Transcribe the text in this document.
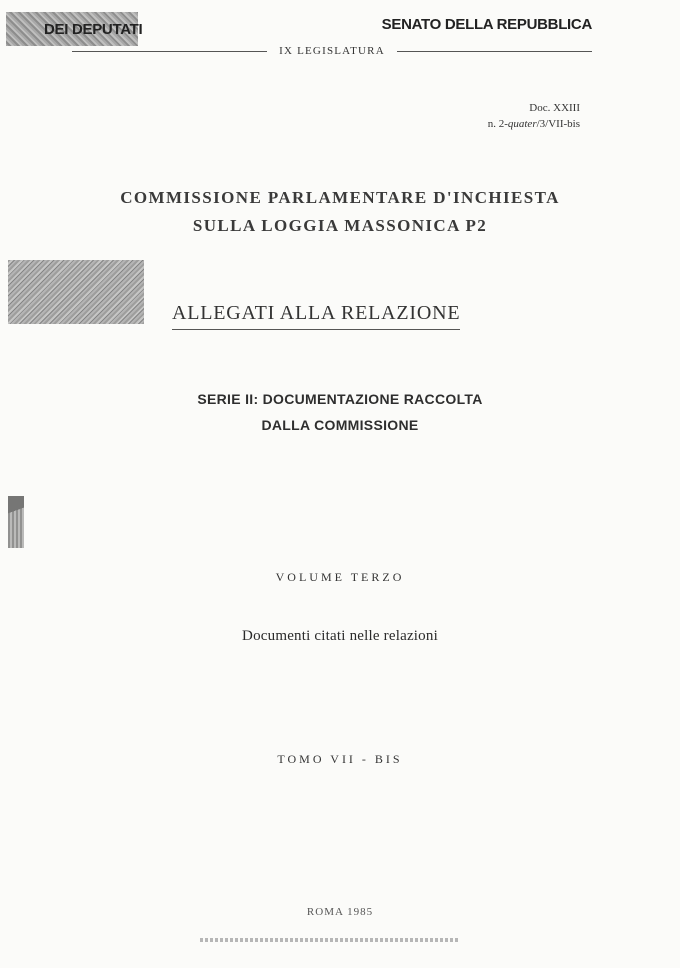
DEI DEPUTATI	SENATO DELLA REPUBBLICA
IX LEGISLATURA
Doc. XXIII
n. 2-quater/3/VII-bis
COMMISSIONE PARLAMENTARE D'INCHIESTA
SULLA LOGGIA MASSONICA P2
ALLEGATI ALLA RELAZIONE
SERIE II: DOCUMENTAZIONE RACCOLTA
DALLA COMMISSIONE
VOLUME TERZO
Documenti citati nelle relazioni
TOMO VII - BIS
ROMA 1985
